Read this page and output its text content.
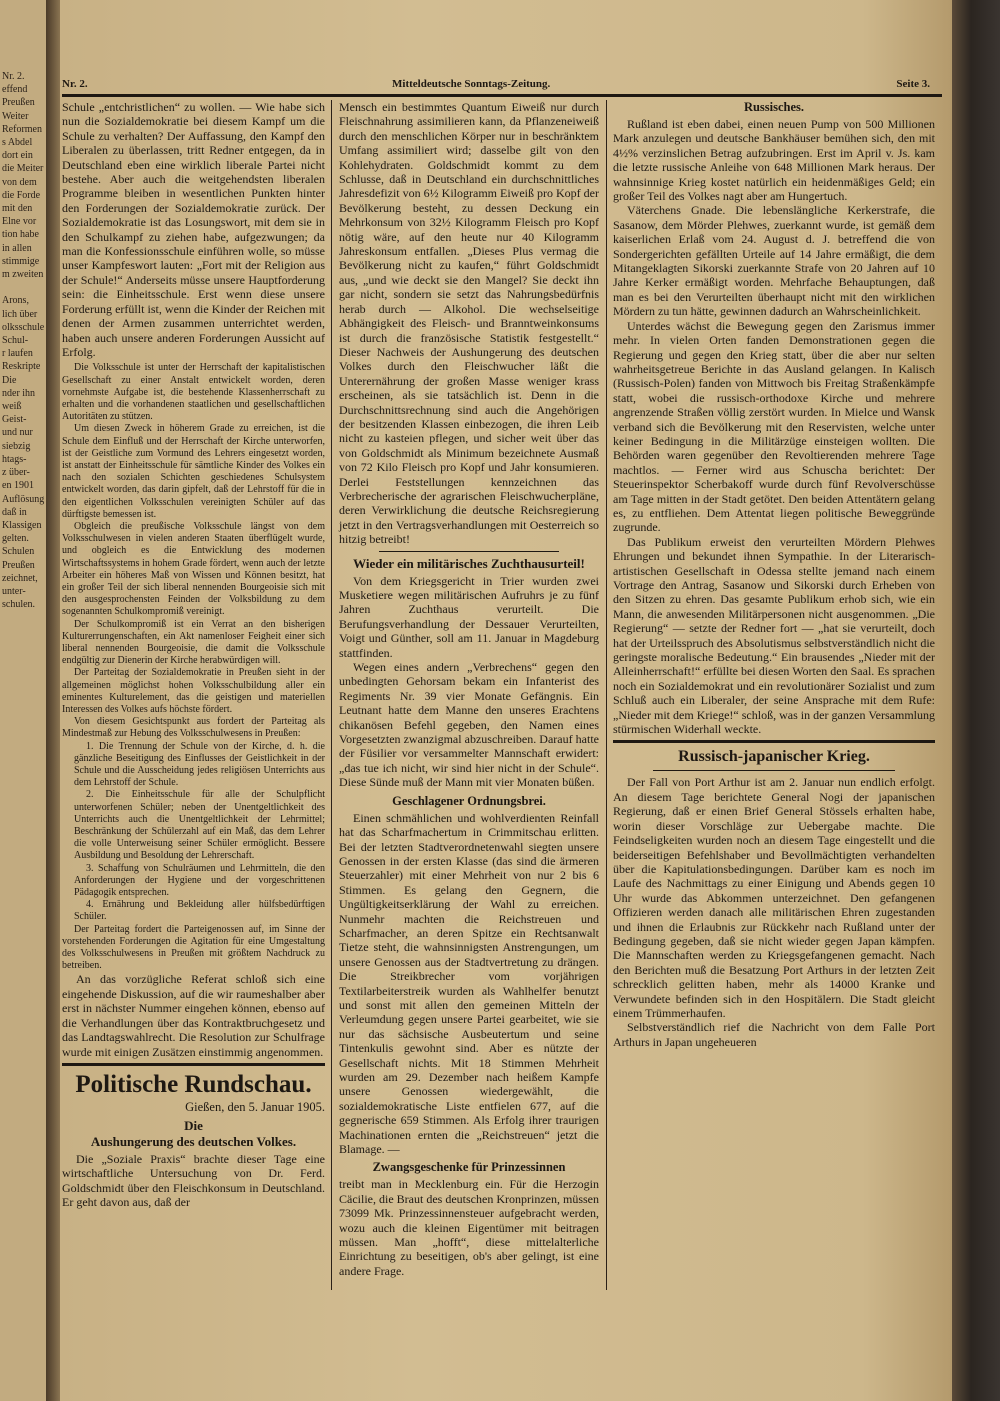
Nr. 2.
effend
Preußen
Weiter
Reformen
s Abdel
dort ein
die Meiter
von dem
die Forde
mit den
Elne vor
tion habe
in allen
stimmige
m zweiten

Arons,
lich über
olksschule
Schul-
r laufen
Reskripte
Die
nder ihn
weiß
Geist-
und nur
siebzig
htags-
z über-
en 1901
Auflösung
daß in
Klassigen
gelten.
Schulen
Preußen
zeichnet,
unter-
schulen.
Nr. 2.	Mitteldeutsche Sonntags-Zeitung.	Seite 3.

Schule „entchristlichen“ zu wollen. — Wie habe sich nun die Sozialdemokratie bei diesem Kampf um die Schule zu verhalten? Der Auffassung, den Kampf den Liberalen zu überlassen, tritt Redner entgegen, da in Deutschland eben eine wirklich liberale Partei nicht bestehe. Aber auch die weitgehendsten liberalen Programme bleiben in wesentlichen Punkten hinter den Forderungen der Sozialdemokratie zurück. Der Sozialdemokratie ist das Losungswort, mit dem sie in den Schulkampf zu ziehen habe, aufgezwungen; da man die Konfessionsschule einführen wolle, so müsse unser Kampfeswort lauten: „Fort mit der Religion aus der Schule!“ Anderseits müsse unsere Hauptforderung sein: die Einheitsschule. Erst wenn diese unsere Forderung erfüllt ist, wenn die Kinder der Reichen mit denen der Armen zusammen unterrichtet werden, haben auch unsere anderen Forderungen Aussicht auf Erfolg.

Die Volksschule ist unter der Herrschaft der kapitalistischen Gesellschaft zu einer Anstalt entwickelt worden, deren vornehmste Aufgabe ist, die bestehende Klassenherrschaft zu erhalten und die vorhandenen staatlichen und gesellschaftlichen Autoritäten zu stützen.

Um diesen Zweck in höherem Grade zu erreichen, ist die Schule dem Einfluß und der Herrschaft der Kirche unterworfen, ist der Geistliche zum Vormund des Lehrers eingesetzt worden, ist anstatt der Einheitsschule für sämtliche Kinder des Volkes ein nach den sozialen Schichten geschiedenes Schulsystem entwickelt worden, das darin gipfelt, daß der Lehrstoff für die in den eigentlichen Volksschulen vereinigten Schüler auf das dürftigste bemessen ist.

Obgleich die preußische Volksschule längst von dem Volksschulwesen in vielen anderen Staaten überflügelt wurde, und obgleich es die Entwicklung des modernen Wirtschaftssystems in hohem Grade fördert, wenn auch der letzte Arbeiter ein höheres Maß von Wissen und Können besitzt, hat ein großer Teil der sich liberal nennenden Bourgeoisie sich mit den ausgesprochensten Feinden der Volksbildung zu dem sogenannten Schulkompromiß vereinigt.

Der Schulkompromiß ist ein Verrat an den bisherigen Kulturerrungenschaften, ein Akt namenloser Feigheit einer sich liberal nennenden Bourgeoisie, die damit die Volksschule endgültig zur Dienerin der Kirche herabwürdigen will.

Der Parteitag der Sozialdemokratie in Preußen sieht in der allgemeinen möglichst hohen Volksschulbildung aller ein eminentes Kulturelement, das die geistigen und materiellen Interessen des Volkes aufs höchste fördert.

Von diesem Gesichtspunkt aus fordert der Parteitag als Mindestmaß zur Hebung des Volksschulwesens in Preußen:

1. Die Trennung der Schule von der Kirche, d. h. die gänzliche Beseitigung des Einflusses der Geistlichkeit in der Schule und die Ausscheidung jedes religiösen Unterrichts aus dem Lehrstoff der Schule.

2. Die Einheitsschule für alle der Schulpflicht unterworfenen Schüler; neben der Unentgeltlichkeit des Unterrichts auch die Unentgeltlichkeit der Lehrmittel; Beschränkung der Schülerzahl auf ein Maß, das dem Lehrer die volle Unterweisung seiner Schüler ermöglicht. Bessere Ausbildung und Besoldung der Lehrerschaft.

3. Schaffung von Schulräumen und Lehrmitteln, die den Anforderungen der Hygiene und der vorgeschrittenen Pädagogik entsprechen.

4. Ernährung und Bekleidung aller hülfsbedürftigen Schüler.

Der Parteitag fordert die Parteigenossen auf, im Sinne der vorstehenden Forderungen die Agitation für eine Umgestaltung des Volksschulwesens in Preußen mit größtem Nachdruck zu betreiben.

An das vorzügliche Referat schloß sich eine eingehende Diskussion, auf die wir raumeshalber aber erst in nächster Nummer eingehen können, ebenso auf die Verhandlungen über das Kontraktbruchgesetz und das Landtagswahlrecht. Die Resolution zur Schulfrage wurde mit einigen Zusätzen einstimmig angenommen.

Politische Rundschau.
Gießen, den 5. Januar 1905.
Die
Aushungerung des deutschen Volkes.

Die „Soziale Praxis“ brachte dieser Tage eine wirtschaftliche Untersuchung von Dr. Ferd. Goldschmidt über den Fleischkonsum in Deutschland. Er geht davon aus, daß der

Mensch ein bestimmtes Quantum Eiweiß nur durch Fleischnahrung assimilieren kann, da Pflanzeneiweiß durch den menschlichen Körper nur in beschränktem Umfang assimiliert wird; dasselbe gilt von den Kohlehydraten. Goldschmidt kommt zu dem Schlusse, daß in Deutschland ein durchschnittliches Jahresdefizit von 6½ Kilogramm Eiweiß pro Kopf der Bevölkerung besteht, zu dessen Deckung ein Mehrkonsum von 32½ Kilogramm Fleisch pro Kopf nötig wäre, auf den heute nur 40 Kilogramm Jahreskonsum entfallen. „Dieses Plus vermag die Bevölkerung nicht zu kaufen,“ führt Goldschmidt aus, „und wie deckt sie den Mangel? Sie deckt ihn gar nicht, sondern sie setzt das Nahrungsbedürfnis herab durch — Alkohol. Die wechselseitige Abhängigkeit des Fleisch- und Branntweinkonsums ist durch die französische Statistik festgestellt.“ Dieser Nachweis der Aushungerung des deutschen Volkes durch den Fleischwucher läßt die Unterernährung der großen Masse weniger krass erscheinen, als sie tatsächlich ist. Denn in die Durchschnittsrechnung sind auch die Angehörigen der besitzenden Klassen einbezogen, die ihren Leib nicht zu kasteien pflegen, und sicher weit über das von Goldschmidt als Minimum bezeichnete Ausmaß von 72 Kilo Fleisch pro Kopf und Jahr konsumieren. Derlei Feststellungen kennzeichnen das Verbrecherische der agrarischen Fleischwucherpläne, deren Verwirklichung die deutsche Reichsregierung jetzt in den Vertragsverhandlungen mit Oesterreich so hitzig betreibt!

Wieder ein militärisches Zuchthausurteil!

Von dem Kriegsgericht in Trier wurden zwei Musketiere wegen militärischen Aufruhrs je zu fünf Jahren Zuchthaus verurteilt. Die Berufungsverhandlung der Dessauer Verurteilten, Voigt und Günther, soll am 11. Januar in Magdeburg stattfinden.

Wegen eines andern „Verbrechens“ gegen den unbedingten Gehorsam bekam ein Infanterist des Regiments Nr. 39 vier Monate Gefängnis. Ein Leutnant hatte dem Manne den unseres Erachtens chikanösen Befehl gegeben, den Namen eines Vorgesetzten zwanzigmal abzuschreiben. Darauf hatte der Füsilier vor versammelter Mannschaft erwidert: „das tue ich nicht, wir sind hier nicht in der Schule“. Diese Sünde muß der Mann mit vier Monaten büßen.

Geschlagener Ordnungsbrei.

Einen schmählichen und wohlverdienten Reinfall hat das Scharfmachertum in Crimmitschau erlitten. Bei der letzten Stadtverordnetenwahl siegten unsere Genossen in der ersten Klasse (das sind die ärmeren Steuerzahler) mit einer Mehrheit von nur 2 bis 6 Stimmen. Es gelang den Gegnern, die Ungültigkeitserklärung der Wahl zu erreichen. Nunmehr machten die Reichstreuen und Scharfmacher, an deren Spitze ein Rechtsanwalt Tietze steht, die wahnsinnigsten Anstrengungen, um unsere Genossen aus der Stadtvertretung zu drängen. Die Streikbrecher vom vorjährigen Textilarbeiterstreik wurden als Wahlhelfer benutzt und sonst mit allen den gemeinen Mitteln der Verleumdung gegen unsere Partei gearbeitet, wie sie nur das sächsische Ausbeutertum und seine Tintenkulis gewohnt sind. Aber es nützte der Gesellschaft nichts. Mit 18 Stimmen Mehrheit wurden am 29. Dezember nach heißem Kampfe unsere Genossen wiedergewählt, die sozialdemokratische Liste entfielen 677, auf die gegnerische 659 Stimmen. Als Erfolg ihrer traurigen Machinationen ernten die „Reichstreuen“ jetzt die Blamage. —

Zwangsgeschenke für Prinzessinnen

treibt man in Mecklenburg ein. Für die Herzogin Cäcilie, die Braut des deutschen Kronprinzen, müssen 73099 Mk. Prinzessinnensteuer aufgebracht werden, wozu auch die kleinen Eigentümer mit beitragen müssen. Man „hofft“, diese mittelalterliche Einrichtung zu beseitigen, ob's aber gelingt, ist eine andere Frage.

Russisches.

Rußland ist eben dabei, einen neuen Pump von 500 Millionen Mark anzulegen und deutsche Bankhäuser bemühen sich, den mit 4½% verzinslichen Betrag aufzubringen. Erst im April v. Js. kam die letzte russische Anleihe von 648 Millionen Mark heraus. Der wahnsinnige Krieg kostet natürlich ein heidenmäßiges Geld; ein großer Teil des Volkes nagt aber am Hungertuch.

Väterchens Gnade. Die lebenslängliche Kerkerstrafe, die Sasanow, dem Mörder Plehwes, zuerkannt wurde, ist gemäß dem kaiserlichen Erlaß vom 24. August d. J. betreffend die von Sondergerichten gefällten Urteile auf 14 Jahre ermäßigt, die dem Mitangeklagten Sikorski zuerkannte Strafe von 20 Jahren auf 10 Jahre Kerker ermäßigt worden. Mehrfache Behauptungen, daß man es bei den Verurteilten überhaupt nicht mit den wirklichen Mördern zu tun hätte, gewinnen dadurch an Wahrscheinlichkeit.

Unterdes wächst die Bewegung gegen den Zarismus immer mehr. In vielen Orten fanden Demonstrationen gegen die Regierung und gegen den Krieg statt, über die aber nur selten wahrheitsgetreue Berichte in das Ausland gelangen. In Kalisch (Russisch-Polen) fanden von Mittwoch bis Freitag Straßenkämpfe statt, wobei die russisch-orthodoxe Kirche und mehrere angrenzende Straßen völlig zerstört wurden. In Mielce und Wansk verband sich die Bevölkerung mit den Reservisten, welche unter keiner Bedingung in die Militärzüge einsteigen wollten. Die Behörden waren gegenüber den Revoltierenden mehrere Tage machtlos. — Ferner wird aus Schuscha berichtet: Der Steuerinspektor Scherbakoff wurde durch fünf Revolverschüsse am Tage mitten in der Stadt getötet. Den beiden Attentätern gelang es, zu entfliehen. Dem Attentat liegen politische Beweggründe zugrunde.

Das Publikum erweist den verurteilten Mördern Plehwes Ehrungen und bekundet ihnen Sympathie. In der Literarisch-artistischen Gesellschaft in Odessa stellte jemand nach einem Vortrage den Antrag, Sasanow und Sikorski durch Erheben von den Sitzen zu ehren. Das gesamte Publikum erhob sich, wie ein Mann, die anwesenden Militärpersonen nicht ausgenommen. „Die Regierung“ — setzte der Redner fort — „hat sie verurteilt, doch hat der Urteilsspruch des Absolutismus selbstverständlich nicht die geringste moralische Bedeutung.“ Ein brausendes „Nieder mit der Alleinherrschaft!“ erfüllte bei diesen Worten den Saal. Es sprachen noch ein Sozialdemokrat und ein revolutionärer Sozialist und zum Schluß auch ein Liberaler, der seine Ansprache mit dem Rufe: „Nieder mit dem Kriege!“ schloß, was in der ganzen Versammlung stürmischen Widerhall weckte.

Russisch-japanischer Krieg.

Der Fall von Port Arthur ist am 2. Januar nun endlich erfolgt. An diesem Tage berichtete General Nogi der japanischen Regierung, daß er einen Brief General Stössels erhalten habe, worin dieser Vorschläge zur Uebergabe machte. Die Feindseligkeiten wurden noch an diesem Tage eingestellt und die beiderseitigen Befehlshaber und Bevollmächtigten verhandelten über die Kapitulationsbedingungen. Darüber kam es noch im Laufe des Nachmittags zu einer Einigung und Abends gegen 10 Uhr wurde das Abkommen unterzeichnet. Den gefangenen Offizieren werden danach alle militärischen Ehren zugestanden und ihnen die Erlaubnis zur Rückkehr nach Rußland unter der Bedingung gegeben, daß sie nicht wieder gegen Japan kämpfen. Die Mannschaften werden zu Kriegsgefangenen gemacht. Nach den Berichten muß die Besatzung Port Arthurs in der letzten Zeit schrecklich gelitten haben, mehr als 14000 Kranke und Verwundete befinden sich in den Hospitälern. Die Stadt gleicht einem Trümmerhaufen.

Selbstverständlich rief die Nachricht von dem Falle Port Arthurs in Japan ungeheueren
